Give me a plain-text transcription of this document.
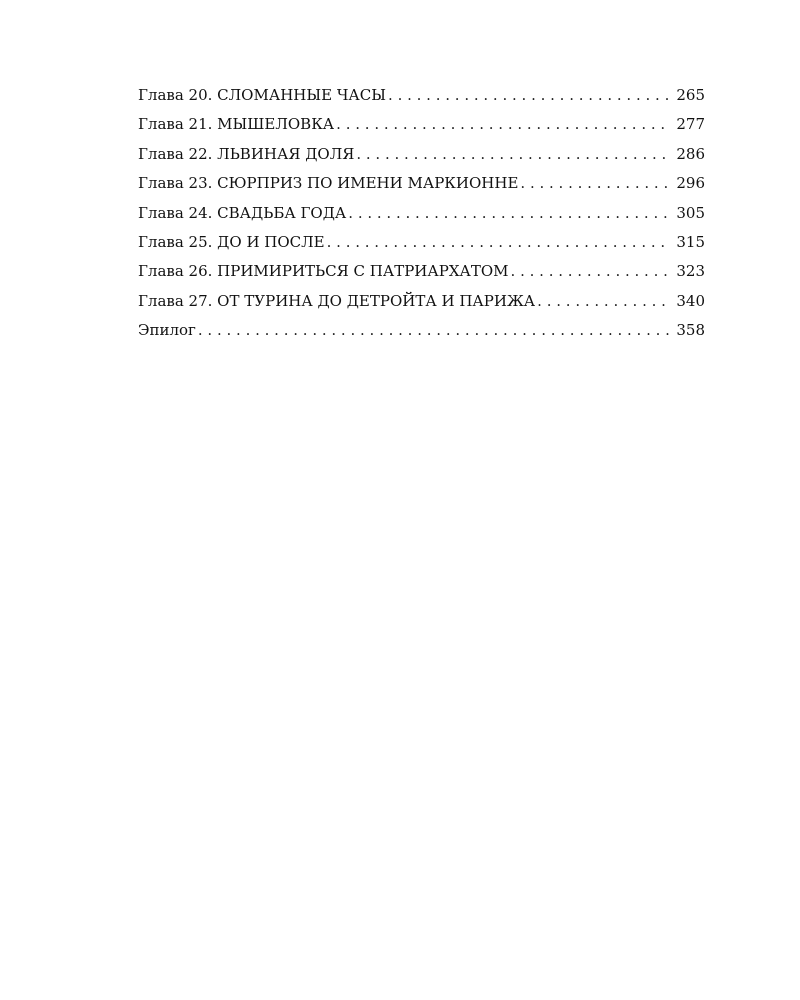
Глава 20. СЛОМАННЫЕ ЧАСЫ . . .	265
Глава 21. МЫШЕЛОВКА . . .	277
Глава 22. ЛЬВИНАЯ ДОЛЯ . . .	286
Глава 23. СЮРПРИЗ ПО ИМЕНИ МАРКИОННЕ . . .	296
Глава 24. СВАДЬБА ГОДА . . .	305
Глава 25. ДО И ПОСЛЕ . . .	315
Глава 26. ПРИМИРИТЬСЯ С ПАТРИАРХАТОМ . . .	323
Глава 27. ОТ ТУРИНА ДО ДЕТРОЙТА И ПАРИЖА . . .	340
Эпилог . . .	358
